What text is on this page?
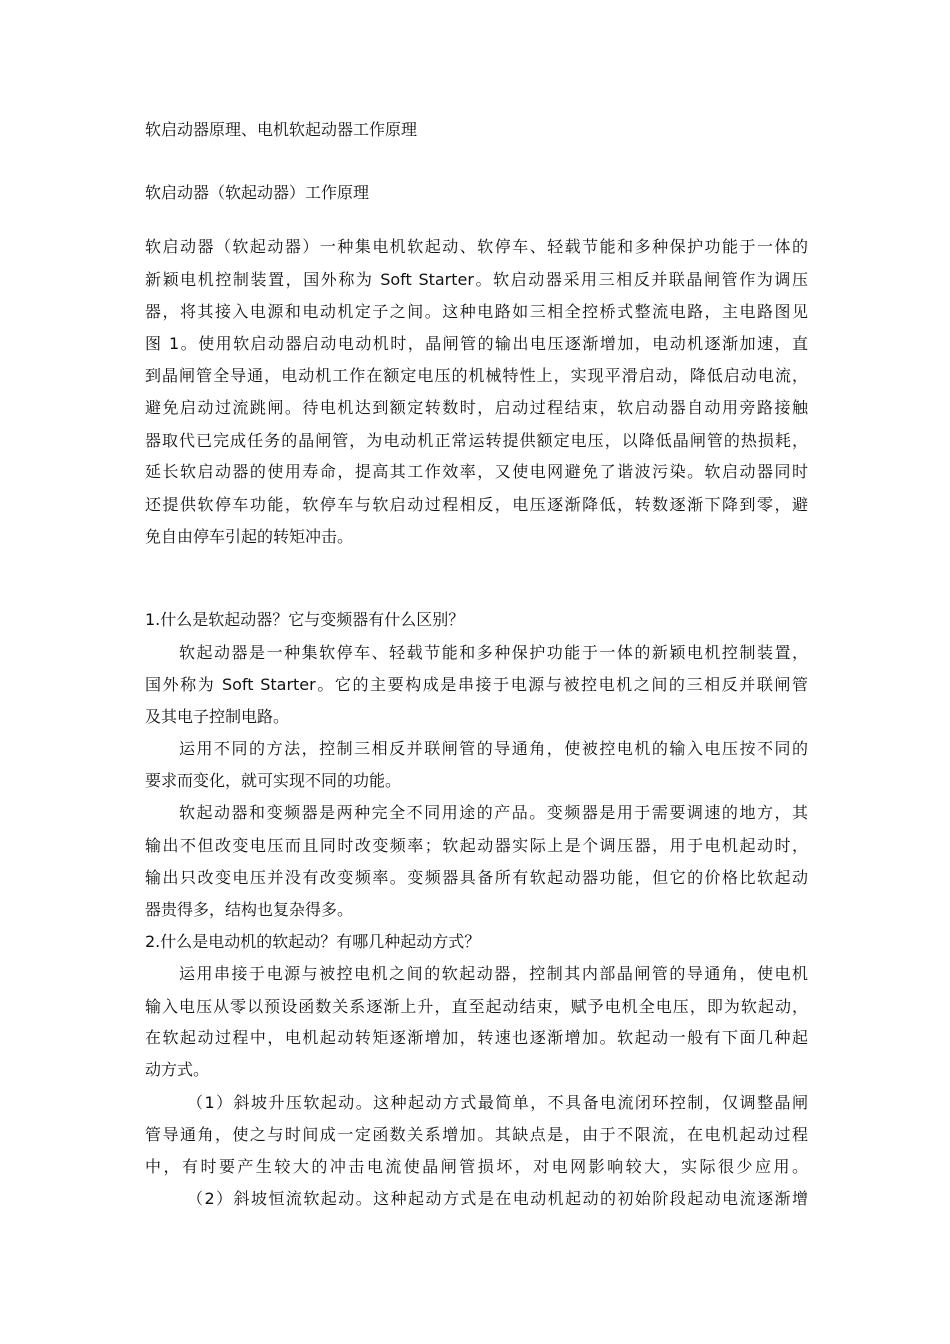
软启动器原理、电机软起动器工作原理
软启动器（软起动器）工作原理
软启动器（软起动器）一种集电机软起动、软停车、轻载节能和多种保护功能于一体的
新颖电机控制装置，国外称为 Soft Starter。软启动器采用三相反并联晶闸管作为调压
器，将其接入电源和电动机定子之间。这种电路如三相全控桥式整流电路，主电路图见
图 1。使用软启动器启动电动机时，晶闸管的输出电压逐渐增加，电动机逐渐加速，直
到晶闸管全导通，电动机工作在额定电压的机械特性上，实现平滑启动，降低启动电流，
避免启动过流跳闸。待电机达到额定转数时，启动过程结束，软启动器自动用旁路接触
器取代已完成任务的晶闸管，为电动机正常运转提供额定电压，以降低晶闸管的热损耗，
延长软启动器的使用寿命，提高其工作效率，又使电网避免了谐波污染。软启动器同时
还提供软停车功能，软停车与软启动过程相反，电压逐渐降低，转数逐渐下降到零，避
免自由停车引起的转矩冲击。
1.什么是软起动器？它与变频器有什么区别？
软起动器是一种集软停车、轻载节能和多种保护功能于一体的新颖电机控制装置，
国外称为 Soft Starter。它的主要构成是串接于电源与被控电机之间的三相反并联闸管
及其电子控制电路。
运用不同的方法，控制三相反并联闸管的导通角，使被控电机的输入电压按不同的
要求而变化，就可实现不同的功能。
软起动器和变频器是两种完全不同用途的产品。变频器是用于需要调速的地方，其
输出不但改变电压而且同时改变频率；软起动器实际上是个调压器，用于电机起动时，
输出只改变电压并没有改变频率。变频器具备所有软起动器功能，但它的价格比软起动
器贵得多，结构也复杂得多。
2.什么是电动机的软起动？有哪几种起动方式？
运用串接于电源与被控电机之间的软起动器，控制其内部晶闸管的导通角，使电机
输入电压从零以预设函数关系逐渐上升，直至起动结束，赋予电机全电压，即为软起动，
在软起动过程中，电机起动转矩逐渐增加，转速也逐渐增加。软起动一般有下面几种起
动方式。
（1）斜坡升压软起动。这种起动方式最简单，不具备电流闭环控制，仅调整晶闸
管导通角，使之与时间成一定函数关系增加。其缺点是，由于不限流，在电机起动过程
中，有时要产生较大的冲击电流使晶闸管损坏，对电网影响较大，实际很少应用。
（2）斜坡恒流软起动。这种起动方式是在电动机起动的初始阶段起动电流逐渐增
